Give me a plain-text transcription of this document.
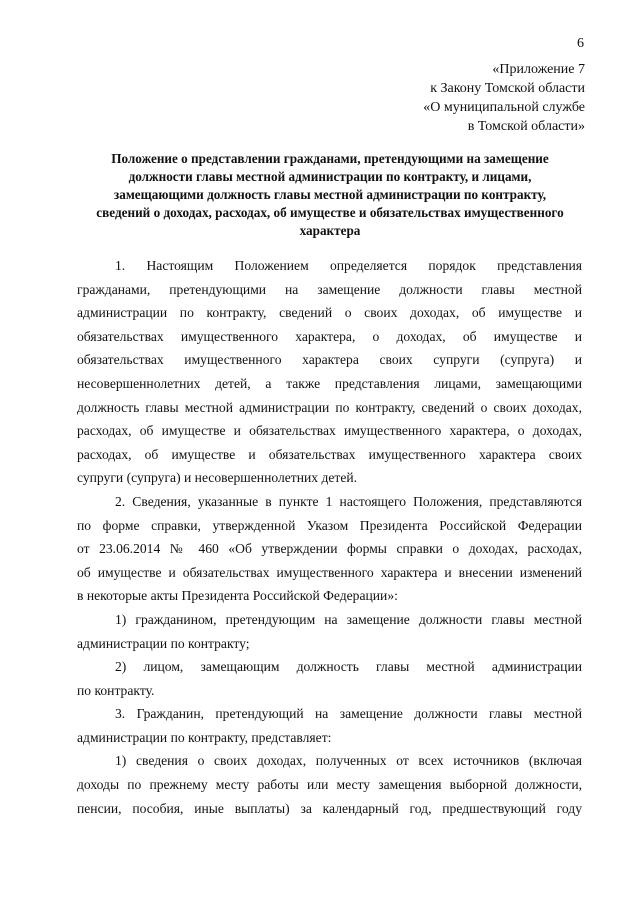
6
«Приложение 7
к Закону Томской области
«О муниципальной службе
в Томской области»
Положение о представлении гражданами, претендующими на замещение
должности главы местной администрации по контракту, и лицами,
замещающими должность главы местной администрации по контракту,
сведений о доходах, расходах, об имуществе и обязательствах имущественного
характера
1. Настоящим Положением определяется порядок представления
гражданами, претендующими на замещение должности главы местной
администрации по контракту, сведений о своих доходах, об имуществе и
обязательствах имущественного характера, о доходах, об имуществе и
обязательствах имущественного характера своих супруги (супруга) и
несовершеннолетних детей, а также представления лицами, замещающими
должность главы местной администрации по контракту, сведений о своих доходах,
расходах, об имуществе и обязательствах имущественного характера, о доходах,
расходах, об имуществе и обязательствах имущественного характера своих
супруги (супруга) и несовершеннолетних детей.
2. Сведения, указанные в пункте 1 настоящего Положения, представляются
по форме справки, утвержденной Указом Президента Российской Федерации
от 23.06.2014 № 460 «Об утверждении формы справки о доходах, расходах,
об имуществе и обязательствах имущественного характера и внесении изменений
в некоторые акты Президента Российской Федерации»:
1) гражданином, претендующим на замещение должности главы местной
администрации по контракту;
2) лицом, замещающим должность главы местной администрации
по контракту.
3. Гражданин, претендующий на замещение должности главы местной
администрации по контракту, представляет:
1) сведения о своих доходах, полученных от всех источников (включая
доходы по прежнему месту работы или месту замещения выборной должности,
пенсии, пособия, иные выплаты) за календарный год, предшествующий году
